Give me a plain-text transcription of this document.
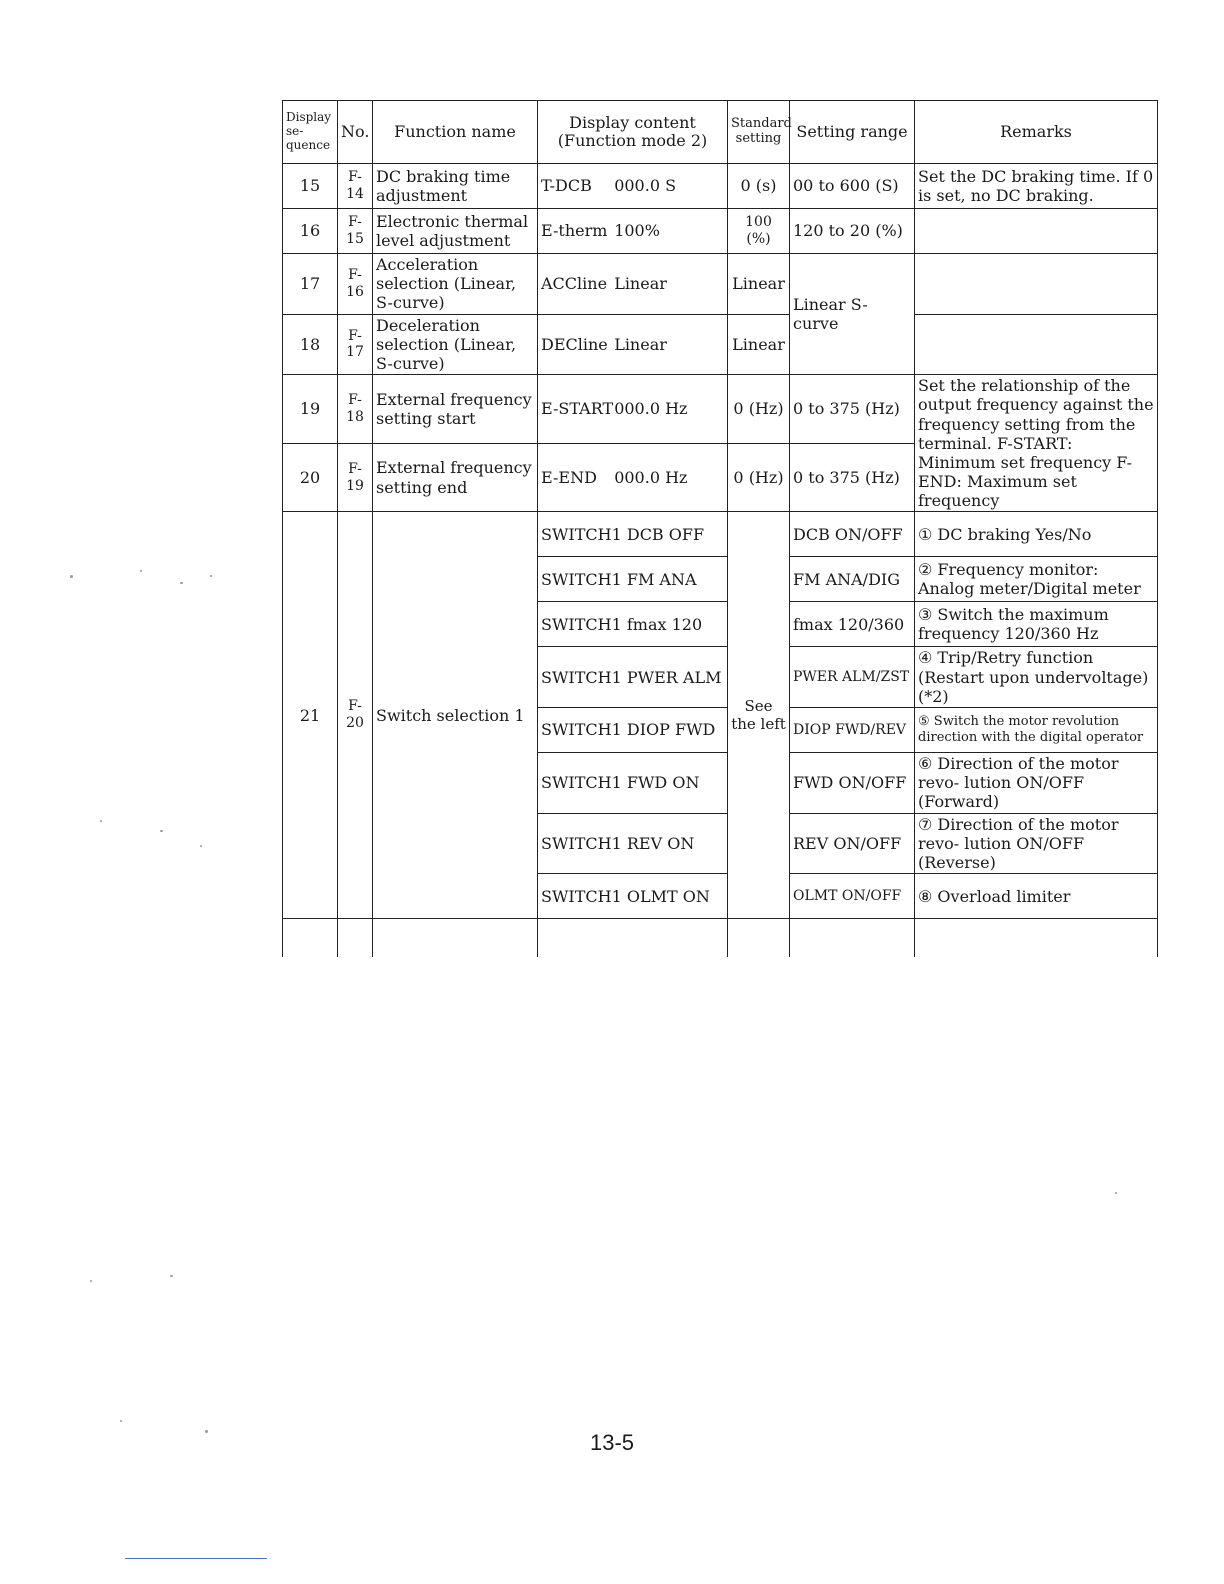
Display se- quence	No.	Function name	Display content (Function mode 2)	Standard setting	Setting range	Remarks
15	F-14	DC braking time adjustment	T-DCB 000.0 S	0 (s)	00 to 600 (S)	Set the DC braking time. If 0 is set, no DC braking.
16	F-15	Electronic thermal level adjustment	E-therm 100%	100 (%)	120 to 20 (%)	
17	F-16	Acceleration selection (Linear, S-curve)	ACCline Linear	Linear	Linear S-curve	
18	F-17	Deceleration selection (Linear, S-curve)	DECline Linear	Linear		
19	F-18	External frequency setting start	E-START000.0 Hz	0 (Hz)	0 to 375 (Hz)	Set the relationship of the output frequency against the frequency setting from the terminal. F-START: Minimum set frequency F-END: Maximum set frequency
20	F-19	External frequency setting end	E-END 000.0 Hz	0 (Hz)	0 to 375 (Hz)	
21	F-20	Switch selection 1	SWITCH1 DCB OFF	See the left	DCB ON/OFF	① DC braking Yes/No
			SWITCH1 FM ANA		FM ANA/DIG	② Frequency monitor: Analog meter/Digital meter
			SWITCH1 fmax 120		fmax 120/360	③ Switch the maximum frequency 120/360 Hz
			SWITCH1 PWER ALM		PWER ALM/ZST	④ Trip/Retry function (Restart upon undervoltage) (*2)
			SWITCH1 DIOP FWD		DIOP FWD/REV	⑤ Switch the motor revolution direction with the digital operator
			SWITCH1 FWD ON		FWD ON/OFF	⑥ Direction of the motor revo- lution ON/OFF (Forward)
			SWITCH1 REV ON		REV ON/OFF	⑦ Direction of the motor revo- lution ON/OFF (Reverse)
			SWITCH1 OLMT ON		OLMT ON/OFF	⑧ Overload limiter

13-5
